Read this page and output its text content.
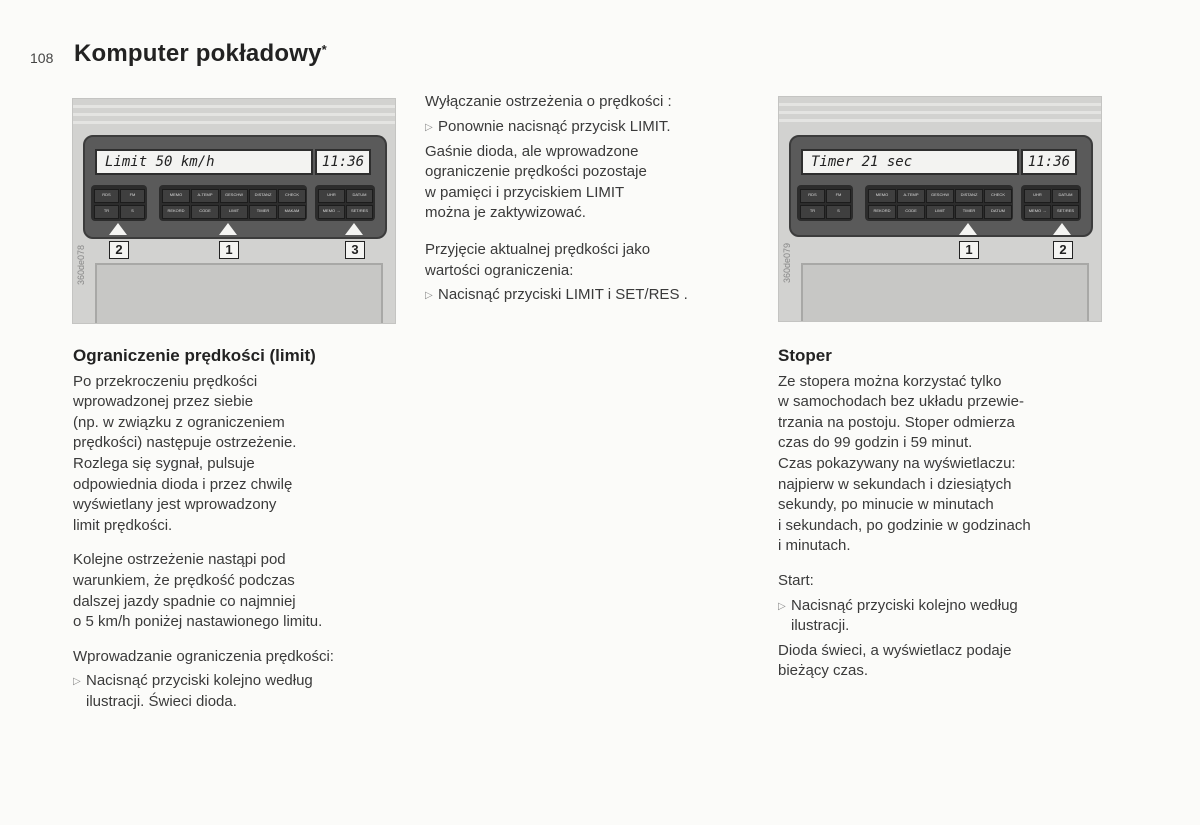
108 Komputer pokładowy*
Limit 50 km/h	11:36
RDS	FM
TR	S
MEMO	A-TEMP	GESCHW	DISTANZ	CHECK
REKORD	CODE	LIMIT	TIMER	MAKAM
UHR	DATUM
MEMO →	SET/RES
2	1	3
360de078
Timer 21 sec	11:36
RDS	FM
TR	S
MEMO	A-TEMP	GESCHW	DISTANZ	CHECK
REKORD	CODE	LIMIT	TIMER	DATUM
UHR	DATUM
MEMO →	SET/RES
1	2
360de079
Ograniczenie prędkości (limit)

Po przekroczeniu prędkości
wprowadzonej przez siebie
(np. w związku z ograniczeniem
prędkości) następuje ostrzeżenie.
Rozlega się sygnał, pulsuje
odpowiednia dioda i przez chwilę
wyświetlany jest wprowadzony
limit prędkości.

Kolejne ostrzeżenie nastąpi pod
warunkiem, że prędkość podczas
dalszej jazdy spadnie co najmniej
o 5 km/h poniżej nastawionego limitu.

Wprowadzanie ograniczenia prędkości:

▷ Nacisnąć przyciski kolejno według
ilustracji. Świeci dioda.

Wyłączanie ostrzeżenia o prędkości :

▷ Ponownie nacisnąć przycisk LIMIT.

Gaśnie dioda, ale wprowadzone
ograniczenie prędkości pozostaje
w pamięci i przyciskiem LIMIT
można je zaktywizować.

Przyjęcie aktualnej prędkości jako
wartości ograniczenia:

▷ Nacisnąć przyciski LIMIT i SET/RES .
Stoper

Ze stopera można korzystać tylko
w samochodach bez układu przewie-
trzania na postoju. Stoper odmierza
czas do 99 godzin i 59 minut.
Czas pokazywany na wyświetlaczu:
najpierw w sekundach i dziesiątych
sekundy, po minucie w minutach
i sekundach, po godzinie w godzinach
i minutach.

Start:

▷ Nacisnąć przyciski kolejno według
ilustracji.

Dioda świeci, a wyświetlacz podaje
bieżący czas.
